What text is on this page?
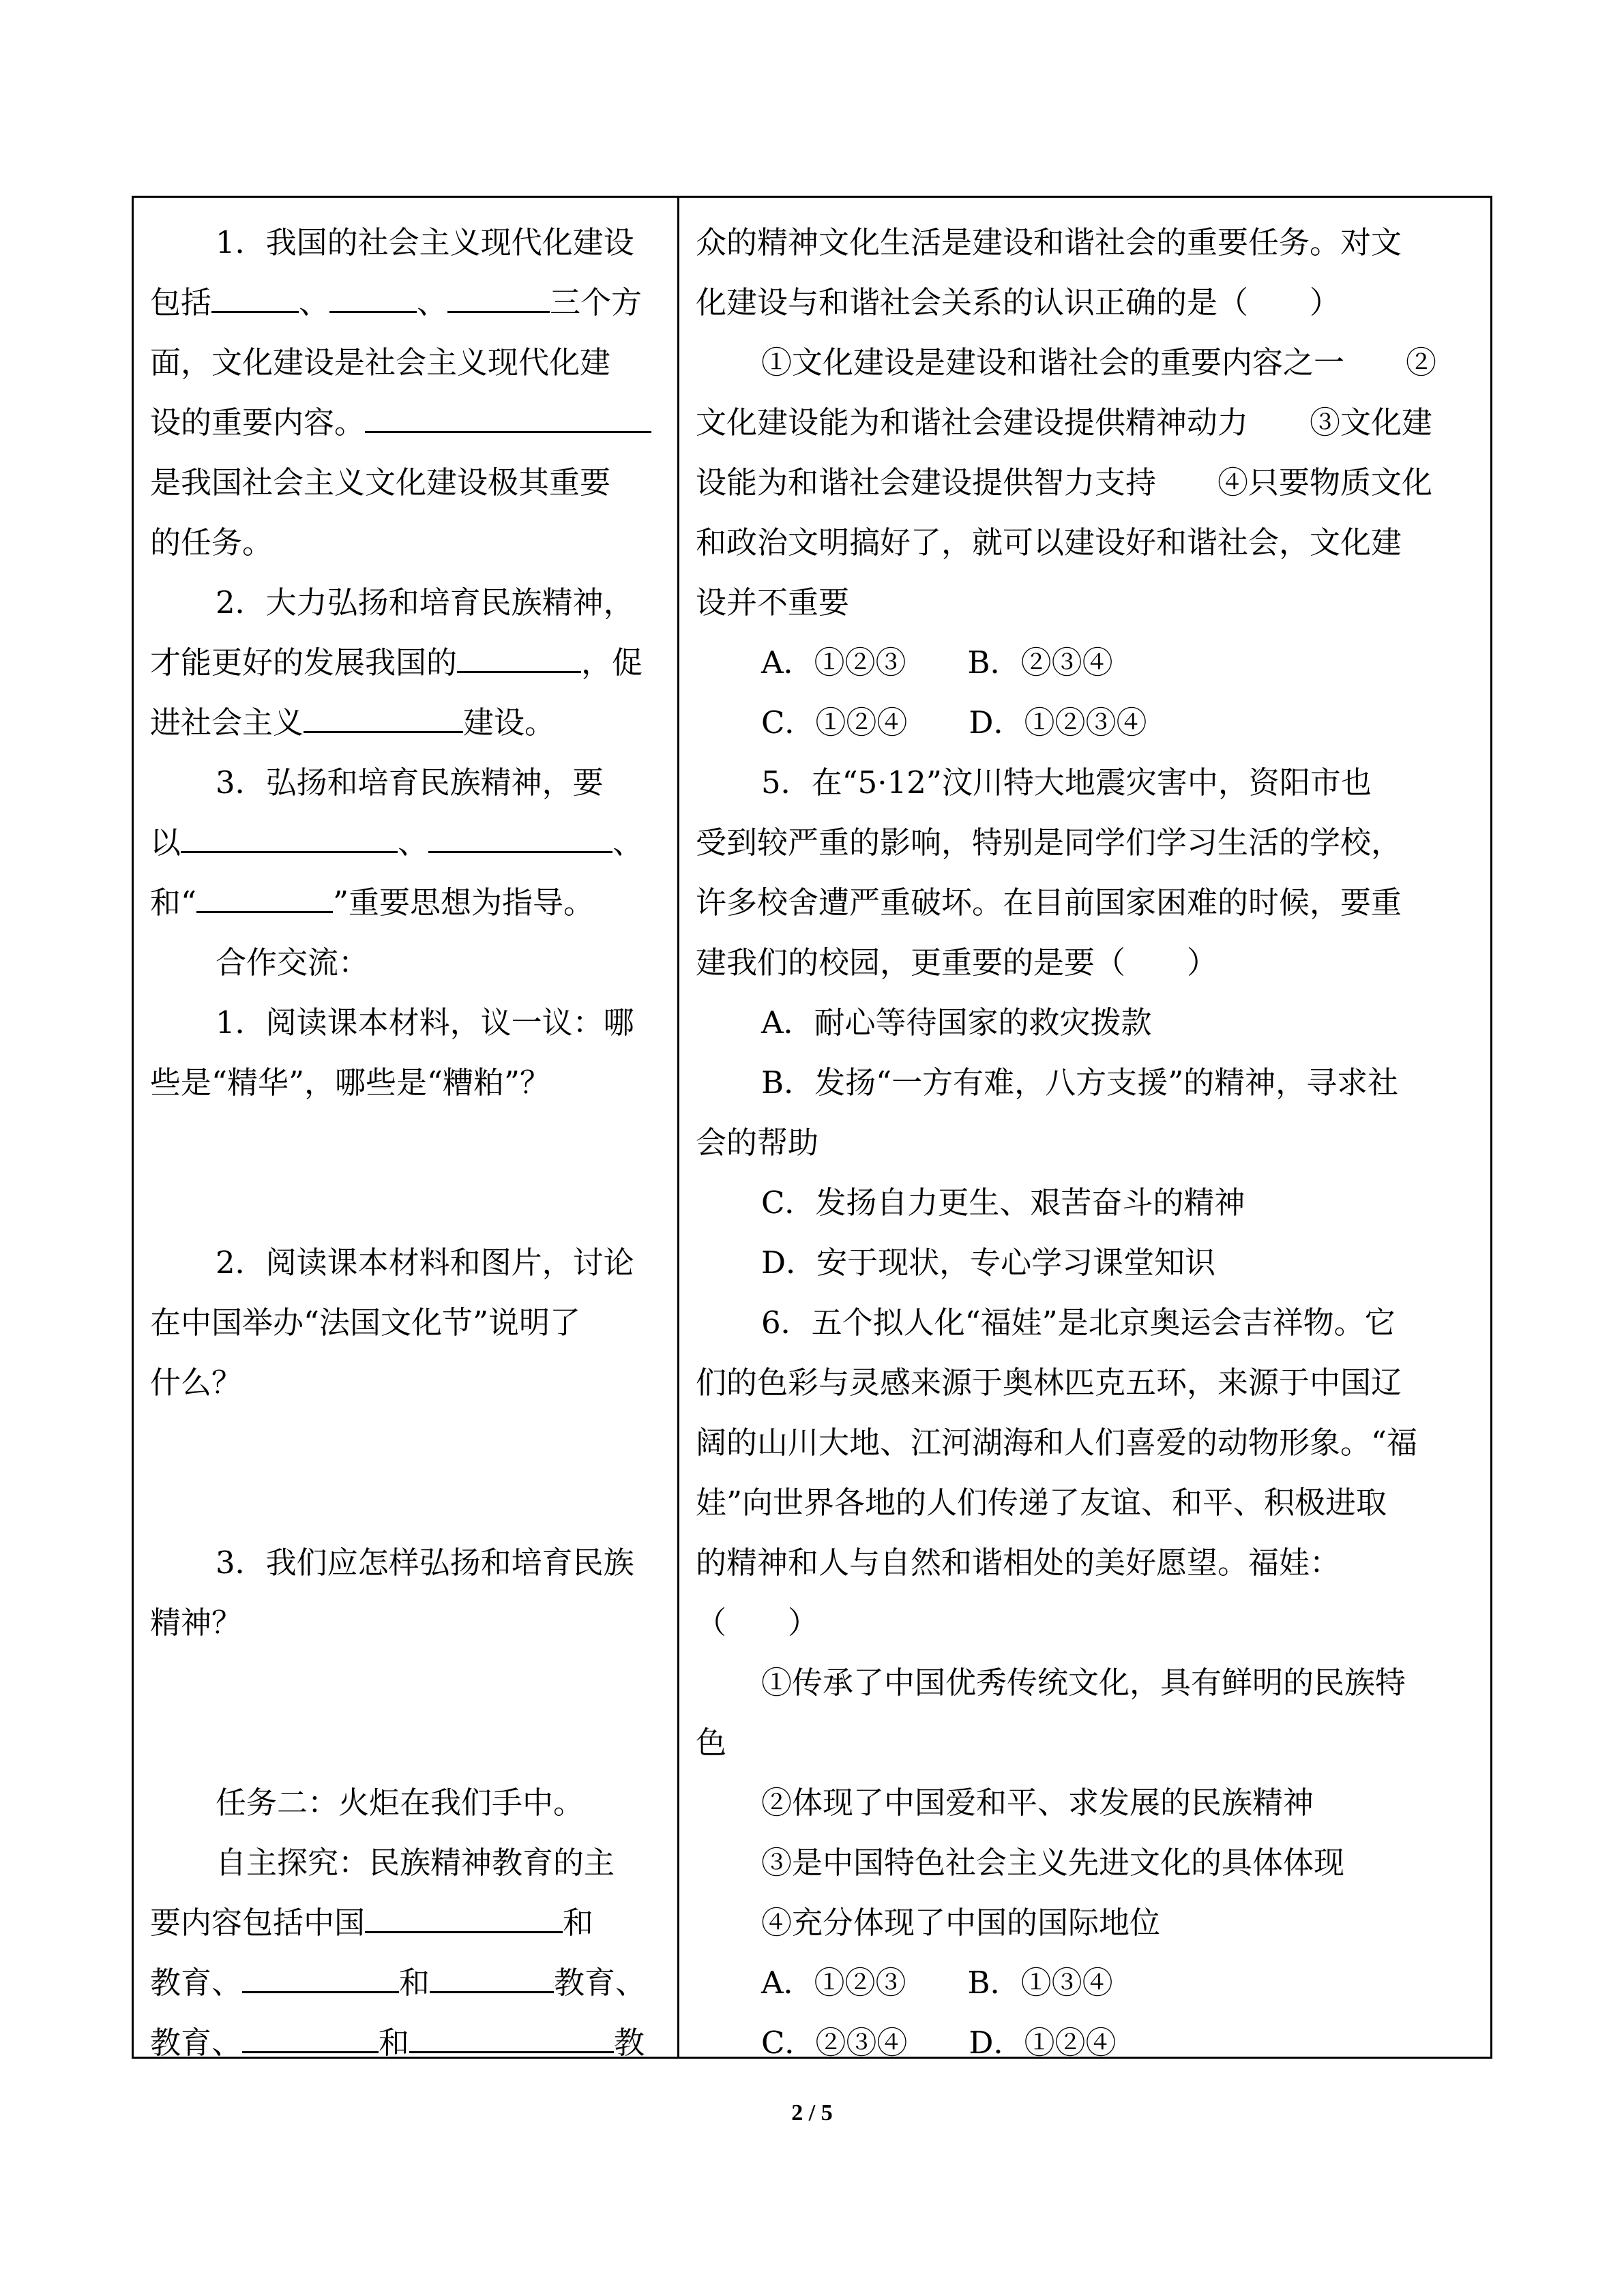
1．我国的社会主义现代化建设
包括	、	、	三个方
面，文化建设是社会主义现代化建
设的重要内容。
是我国社会主义文化建设极其重要
的任务。
2．大力弘扬和培育民族精神，
才能更好的发展我国的	，促
进社会主义	建设。
3．弘扬和培育民族精神，要
以	、	、
和“	”重要思想为指导。
合作交流：
1．阅读课本材料，议一议：哪
些是“精华”，哪些是“糟粕”？
2．阅读课本材料和图片，讨论
在中国举办“法国文化节”说明了
什么？
3．我们应怎样弘扬和培育民族
精神？
任务二：火炬在我们手中。
自主探究：民族精神教育的主
要内容包括中国	和
教育、	和	教育、
教育、	和	教
众的精神文化生活是建设和谐社会的重要任务。对文
化建设与和谐社会关系的认识正确的是（　　）
①文化建设是建设和谐社会的重要内容之一　　②
文化建设能为和谐社会建设提供精神动力　　③文化建
设能为和谐社会建设提供智力支持　　④只要物质文化
和政治文明搞好了，就可以建设好和谐社会，文化建
设并不重要
A．①②③　　B．②③④
C．①②④　　D．①②③④
5．在“5·12”汶川特大地震灾害中，资阳市也
受到较严重的影响，特别是同学们学习生活的学校，
许多校舍遭严重破坏。在目前国家困难的时候，要重
建我们的校园，更重要的是要（　　）
A．耐心等待国家的救灾拨款
B．发扬“一方有难，八方支援”的精神，寻求社
会的帮助
C．发扬自力更生、艰苦奋斗的精神
D．安于现状，专心学习课堂知识
6．五个拟人化“福娃”是北京奥运会吉祥物。它
们的色彩与灵感来源于奥林匹克五环，来源于中国辽
阔的山川大地、江河湖海和人们喜爱的动物形象。“福
娃”向世界各地的人们传递了友谊、和平、积极进取
的精神和人与自然和谐相处的美好愿望。福娃：
（　　）
①传承了中国优秀传统文化，具有鲜明的民族特
色
②体现了中国爱和平、求发展的民族精神
③是中国特色社会主义先进文化的具体体现
④充分体现了中国的国际地位
A．①②③　　B．①③④
C．②③④　　D．①②④
2 / 5
